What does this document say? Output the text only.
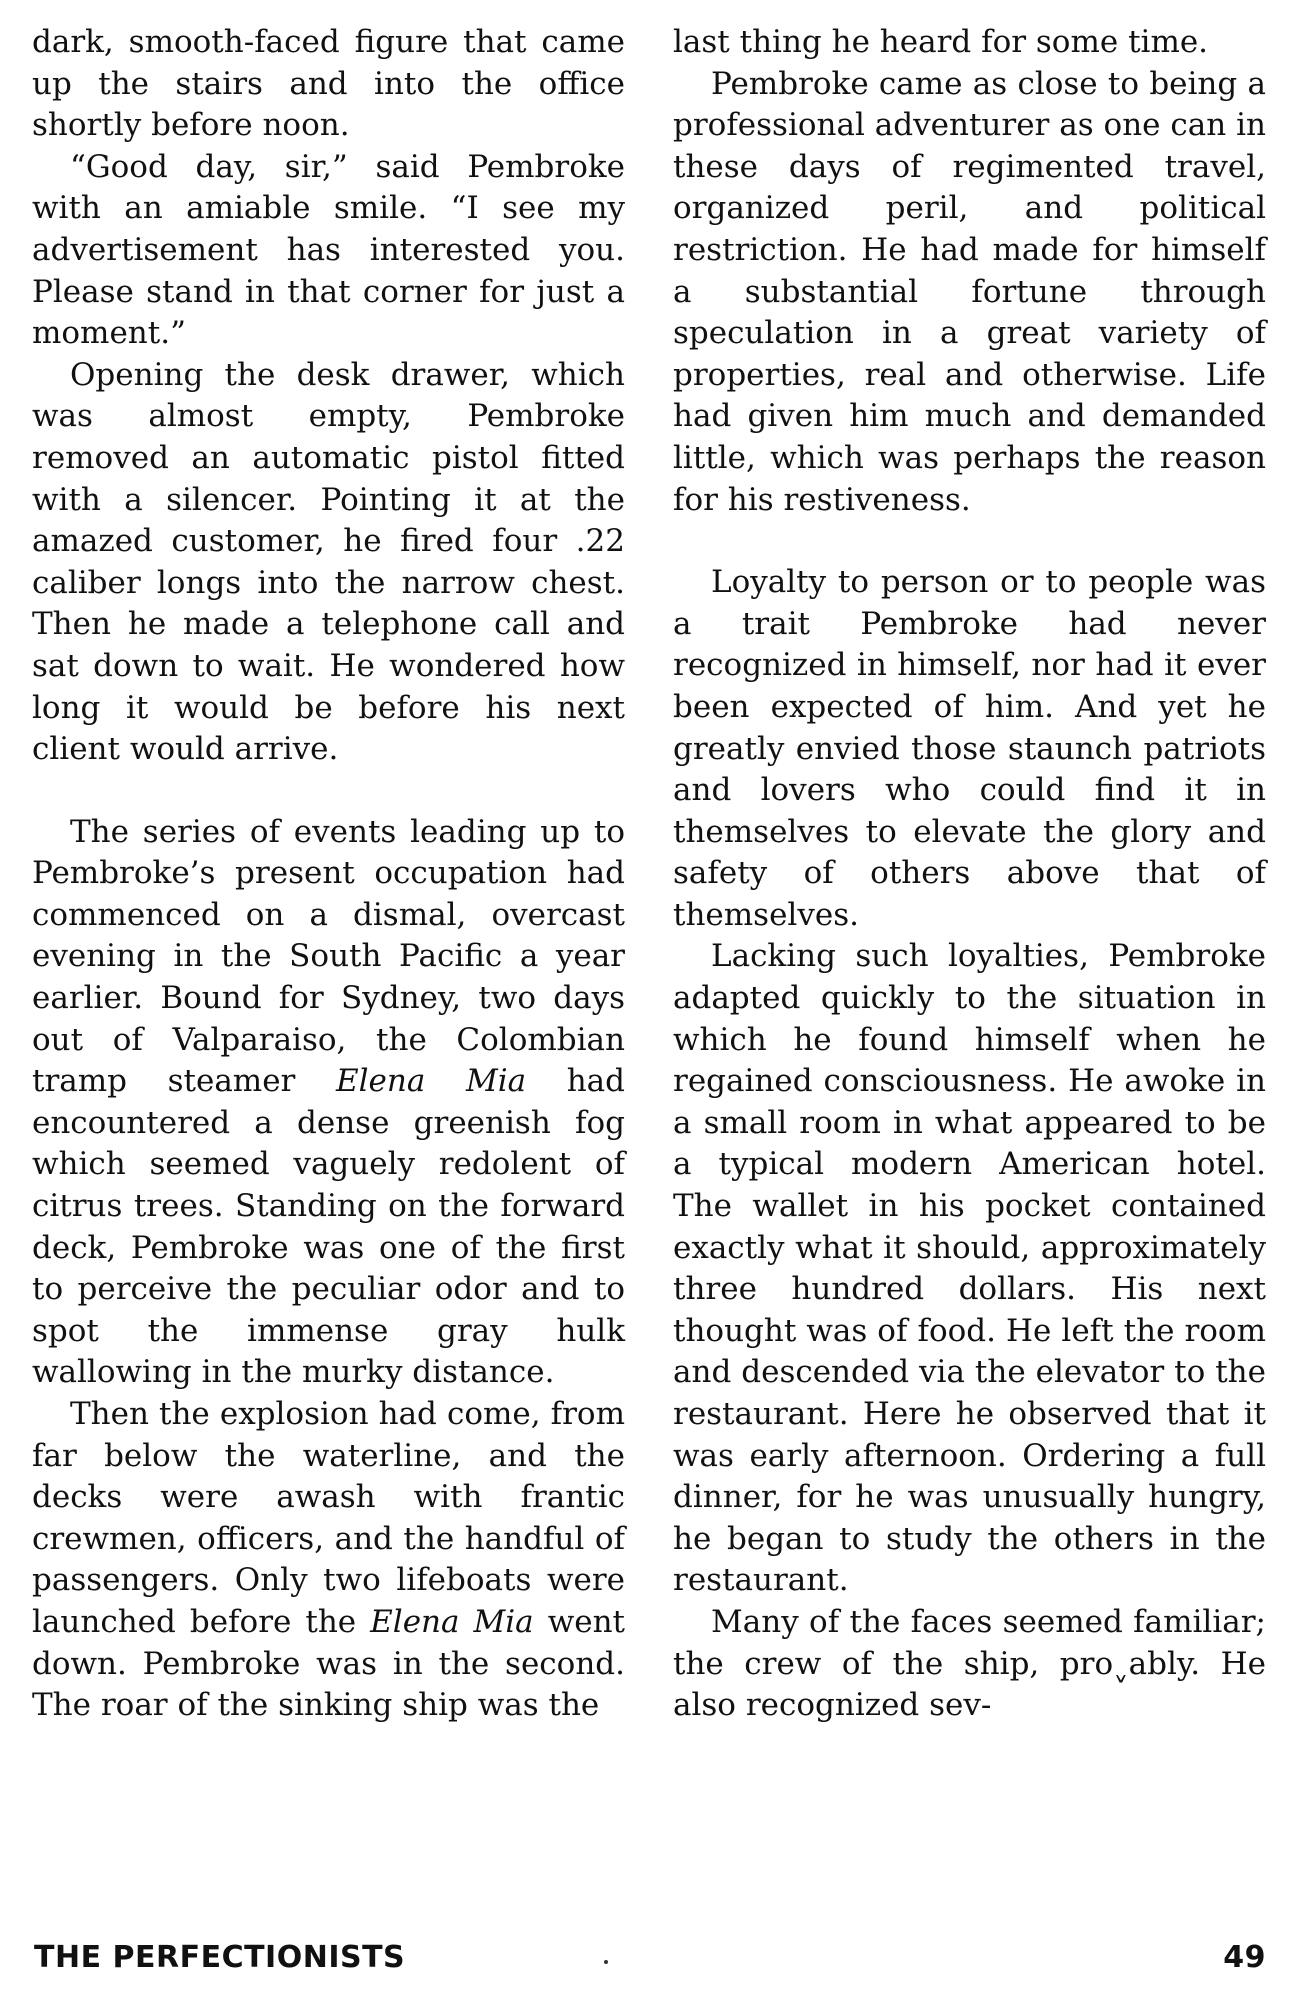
dark, smooth-faced figure that came up the stairs and into the office shortly before noon.

“Good day, sir,” said Pembroke with an amiable smile. “I see my advertisement has interested you. Please stand in that corner for just a moment.”

Opening the desk drawer, which was almost empty, Pembroke removed an automatic pistol fitted with a silencer. Pointing it at the amazed customer, he fired four .22 caliber longs into the narrow chest. Then he made a telephone call and sat down to wait. He wondered how long it would be before his next client would arrive.

The series of events leading up to Pembroke’s present occupation had commenced on a dismal, overcast evening in the South Pacific a year earlier. Bound for Sydney, two days out of Valparaiso, the Colombian tramp steamer Elena Mia had encountered a dense greenish fog which seemed vaguely redolent of citrus trees. Standing on the forward deck, Pembroke was one of the first to perceive the peculiar odor and to spot the immense gray hulk wallowing in the murky distance.

Then the explosion had come, from far below the waterline, and the decks were awash with frantic crewmen, officers, and the handful of passengers. Only two lifeboats were launched before the Elena Mia went down. Pembroke was in the second. The roar of the sinking ship was the

last thing he heard for some time.

Pembroke came as close to being a professional adventurer as one can in these days of regimented travel, organized peril, and political restriction. He had made for himself a substantial fortune through speculation in a great variety of properties, real and otherwise. Life had given him much and demanded little, which was perhaps the reason for his restiveness.

Loyalty to person or to people was a trait Pembroke had never recognized in himself, nor had it ever been expected of him. And yet he greatly envied those staunch patriots and lovers who could find it in themselves to elevate the glory and safety of others above that of themselves.

Lacking such loyalties, Pembroke adapted quickly to the situation in which he found himself when he regained consciousness. He awoke in a small room in what appeared to be a typical modern American hotel. The wallet in his pocket contained exactly what it should, approximately three hundred dollars. His next thought was of food. He left the room and descended via the elevator to the restaurant. Here he observed that it was early afternoon. Ordering a full dinner, for he was unusually hungry, he began to study the others in the restaurant.

Many of the faces seemed familiar; the crew of the ship, proˬably. He also recognized sev-

THE PERFECTIONISTS	49
